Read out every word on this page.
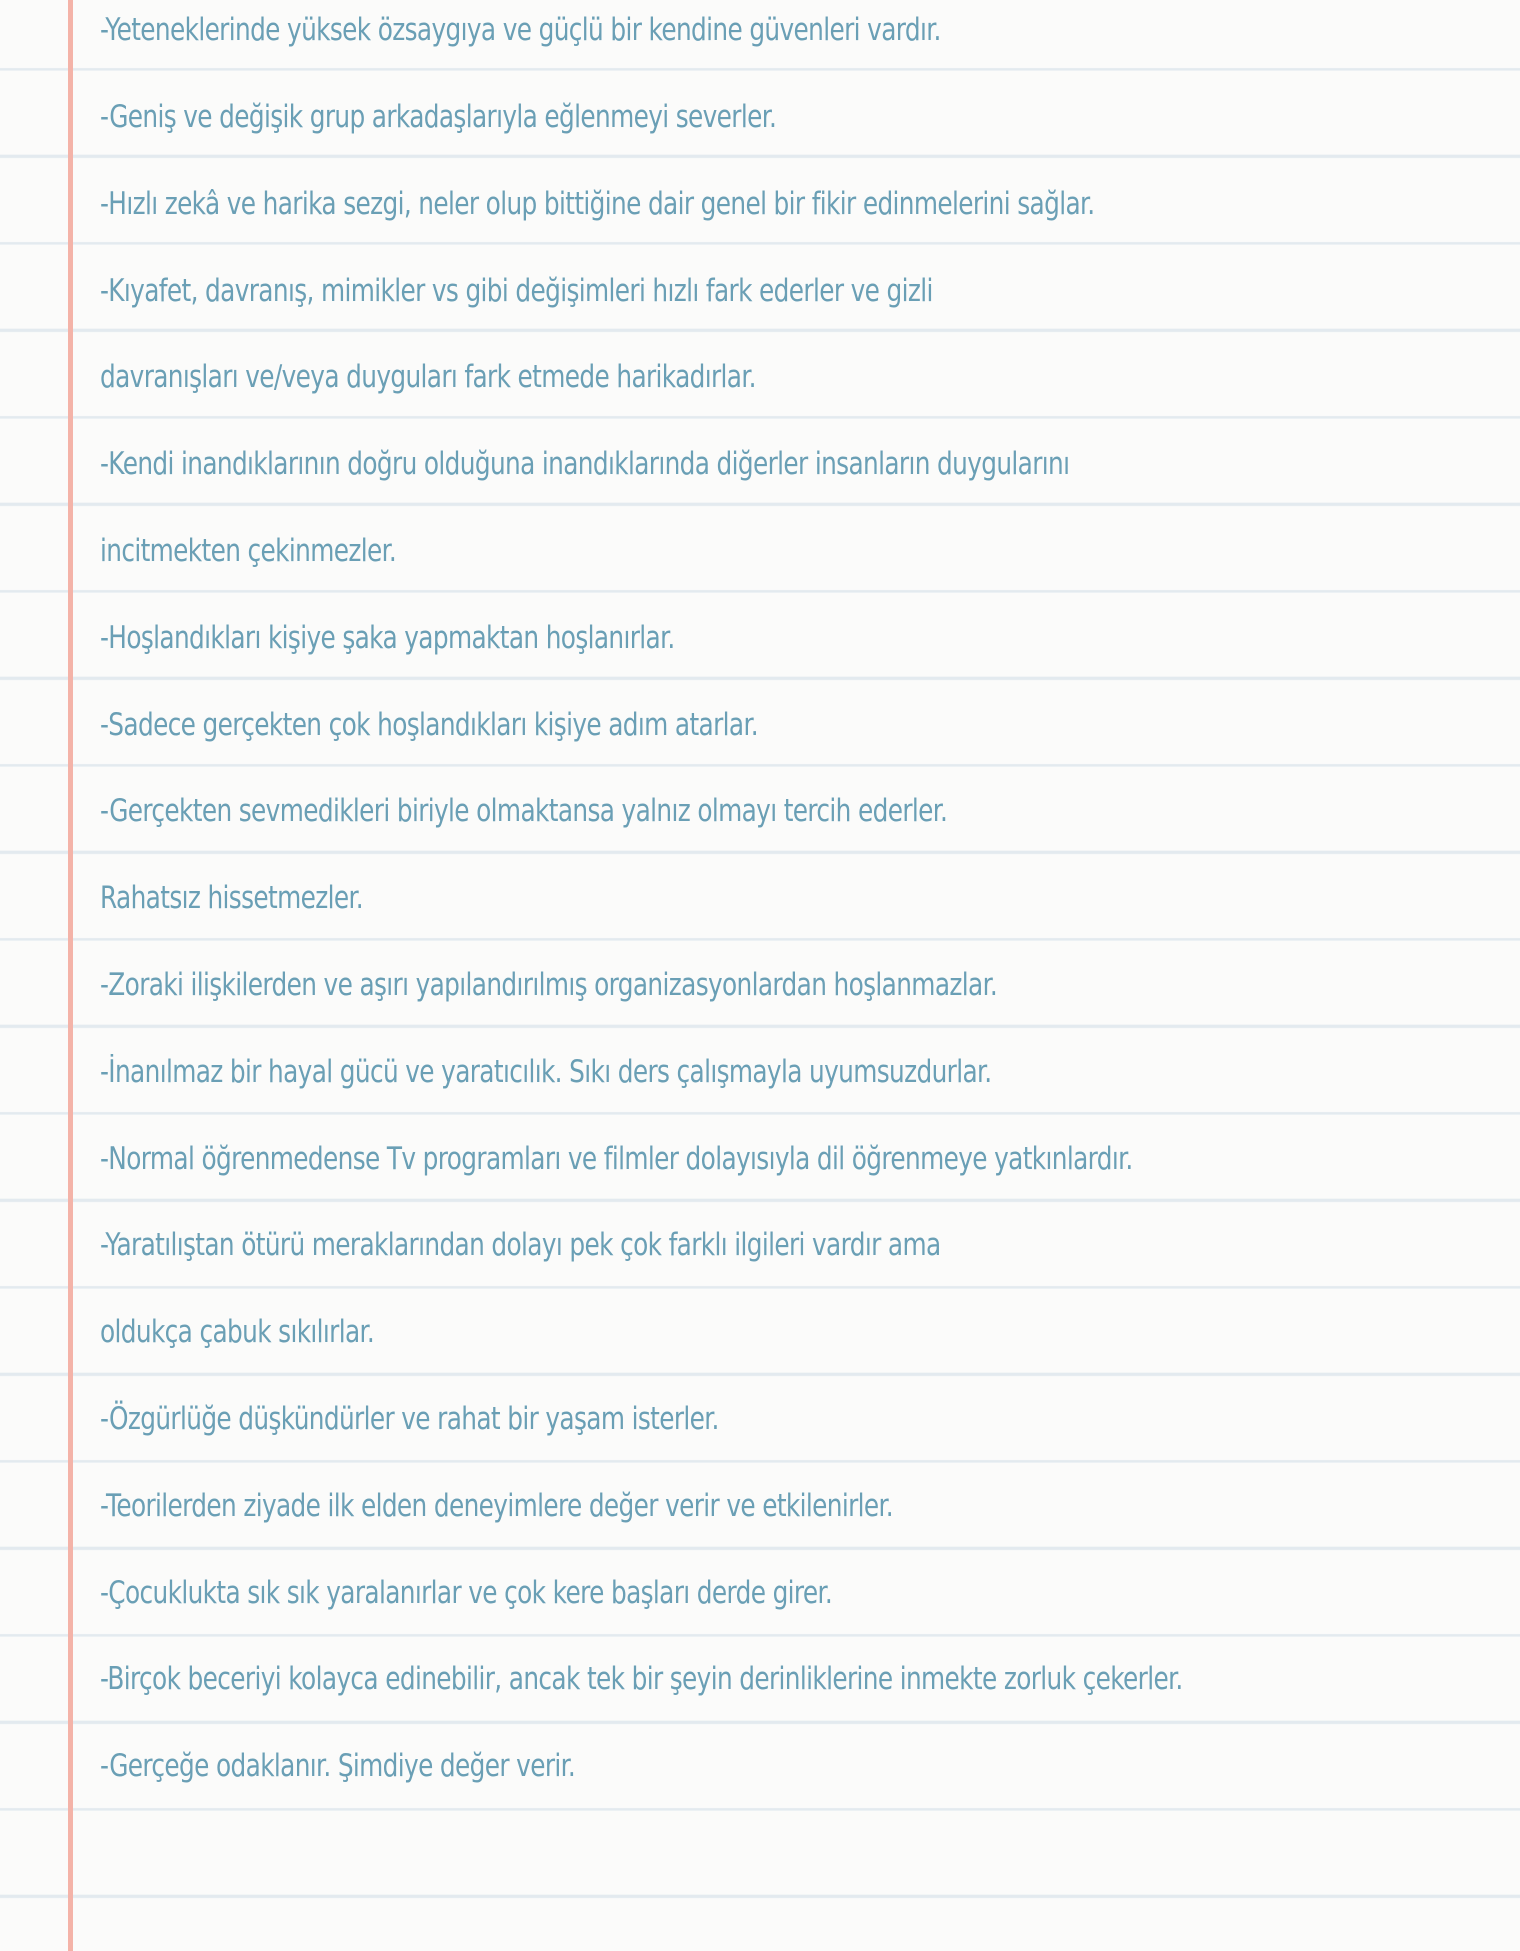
-Yeteneklerinde yüksek özsaygıya ve güçlü bir kendine güvenleri vardır.
-Geniş ve değişik grup arkadaşlarıyla eğlenmeyi severler.
-Hızlı zekâ ve harika sezgi, neler olup bittiğine dair genel bir fikir edinmelerini sağlar.
-Kıyafet, davranış, mimikler vs gibi değişimleri hızlı fark ederler ve gizli
davranışları ve/veya duyguları fark etmede harikadırlar.
-Kendi inandıklarının doğru olduğuna inandıklarında diğerler insanların duygularını
incitmekten çekinmezler.
-Hoşlandıkları kişiye şaka yapmaktan hoşlanırlar.
-Sadece gerçekten çok hoşlandıkları kişiye adım atarlar.
-Gerçekten sevmedikleri biriyle olmaktansa yalnız olmayı tercih ederler.
Rahatsız hissetmezler.
-Zoraki ilişkilerden ve aşırı yapılandırılmış organizasyonlardan hoşlanmazlar.
-İnanılmaz bir hayal gücü ve yaratıcılık. Sıkı ders çalışmayla uyumsuzdurlar.
-Normal öğrenmedense Tv programları ve filmler dolayısıyla dil öğrenmeye yatkınlardır.
-Yaratılıştan ötürü meraklarından dolayı pek çok farklı ilgileri vardır ama
oldukça çabuk sıkılırlar.
-Özgürlüğe düşkündürler ve rahat bir yaşam isterler.
-Teorilerden ziyade ilk elden deneyimlere değer verir ve etkilenirler.
-Çocuklukta sık sık yaralanırlar ve çok kere başları derde girer.
-Birçok beceriyi kolayca edinebilir, ancak tek bir şeyin derinliklerine inmekte zorluk çekerler.
-Gerçeğe odaklanır. Şimdiye değer verir.
